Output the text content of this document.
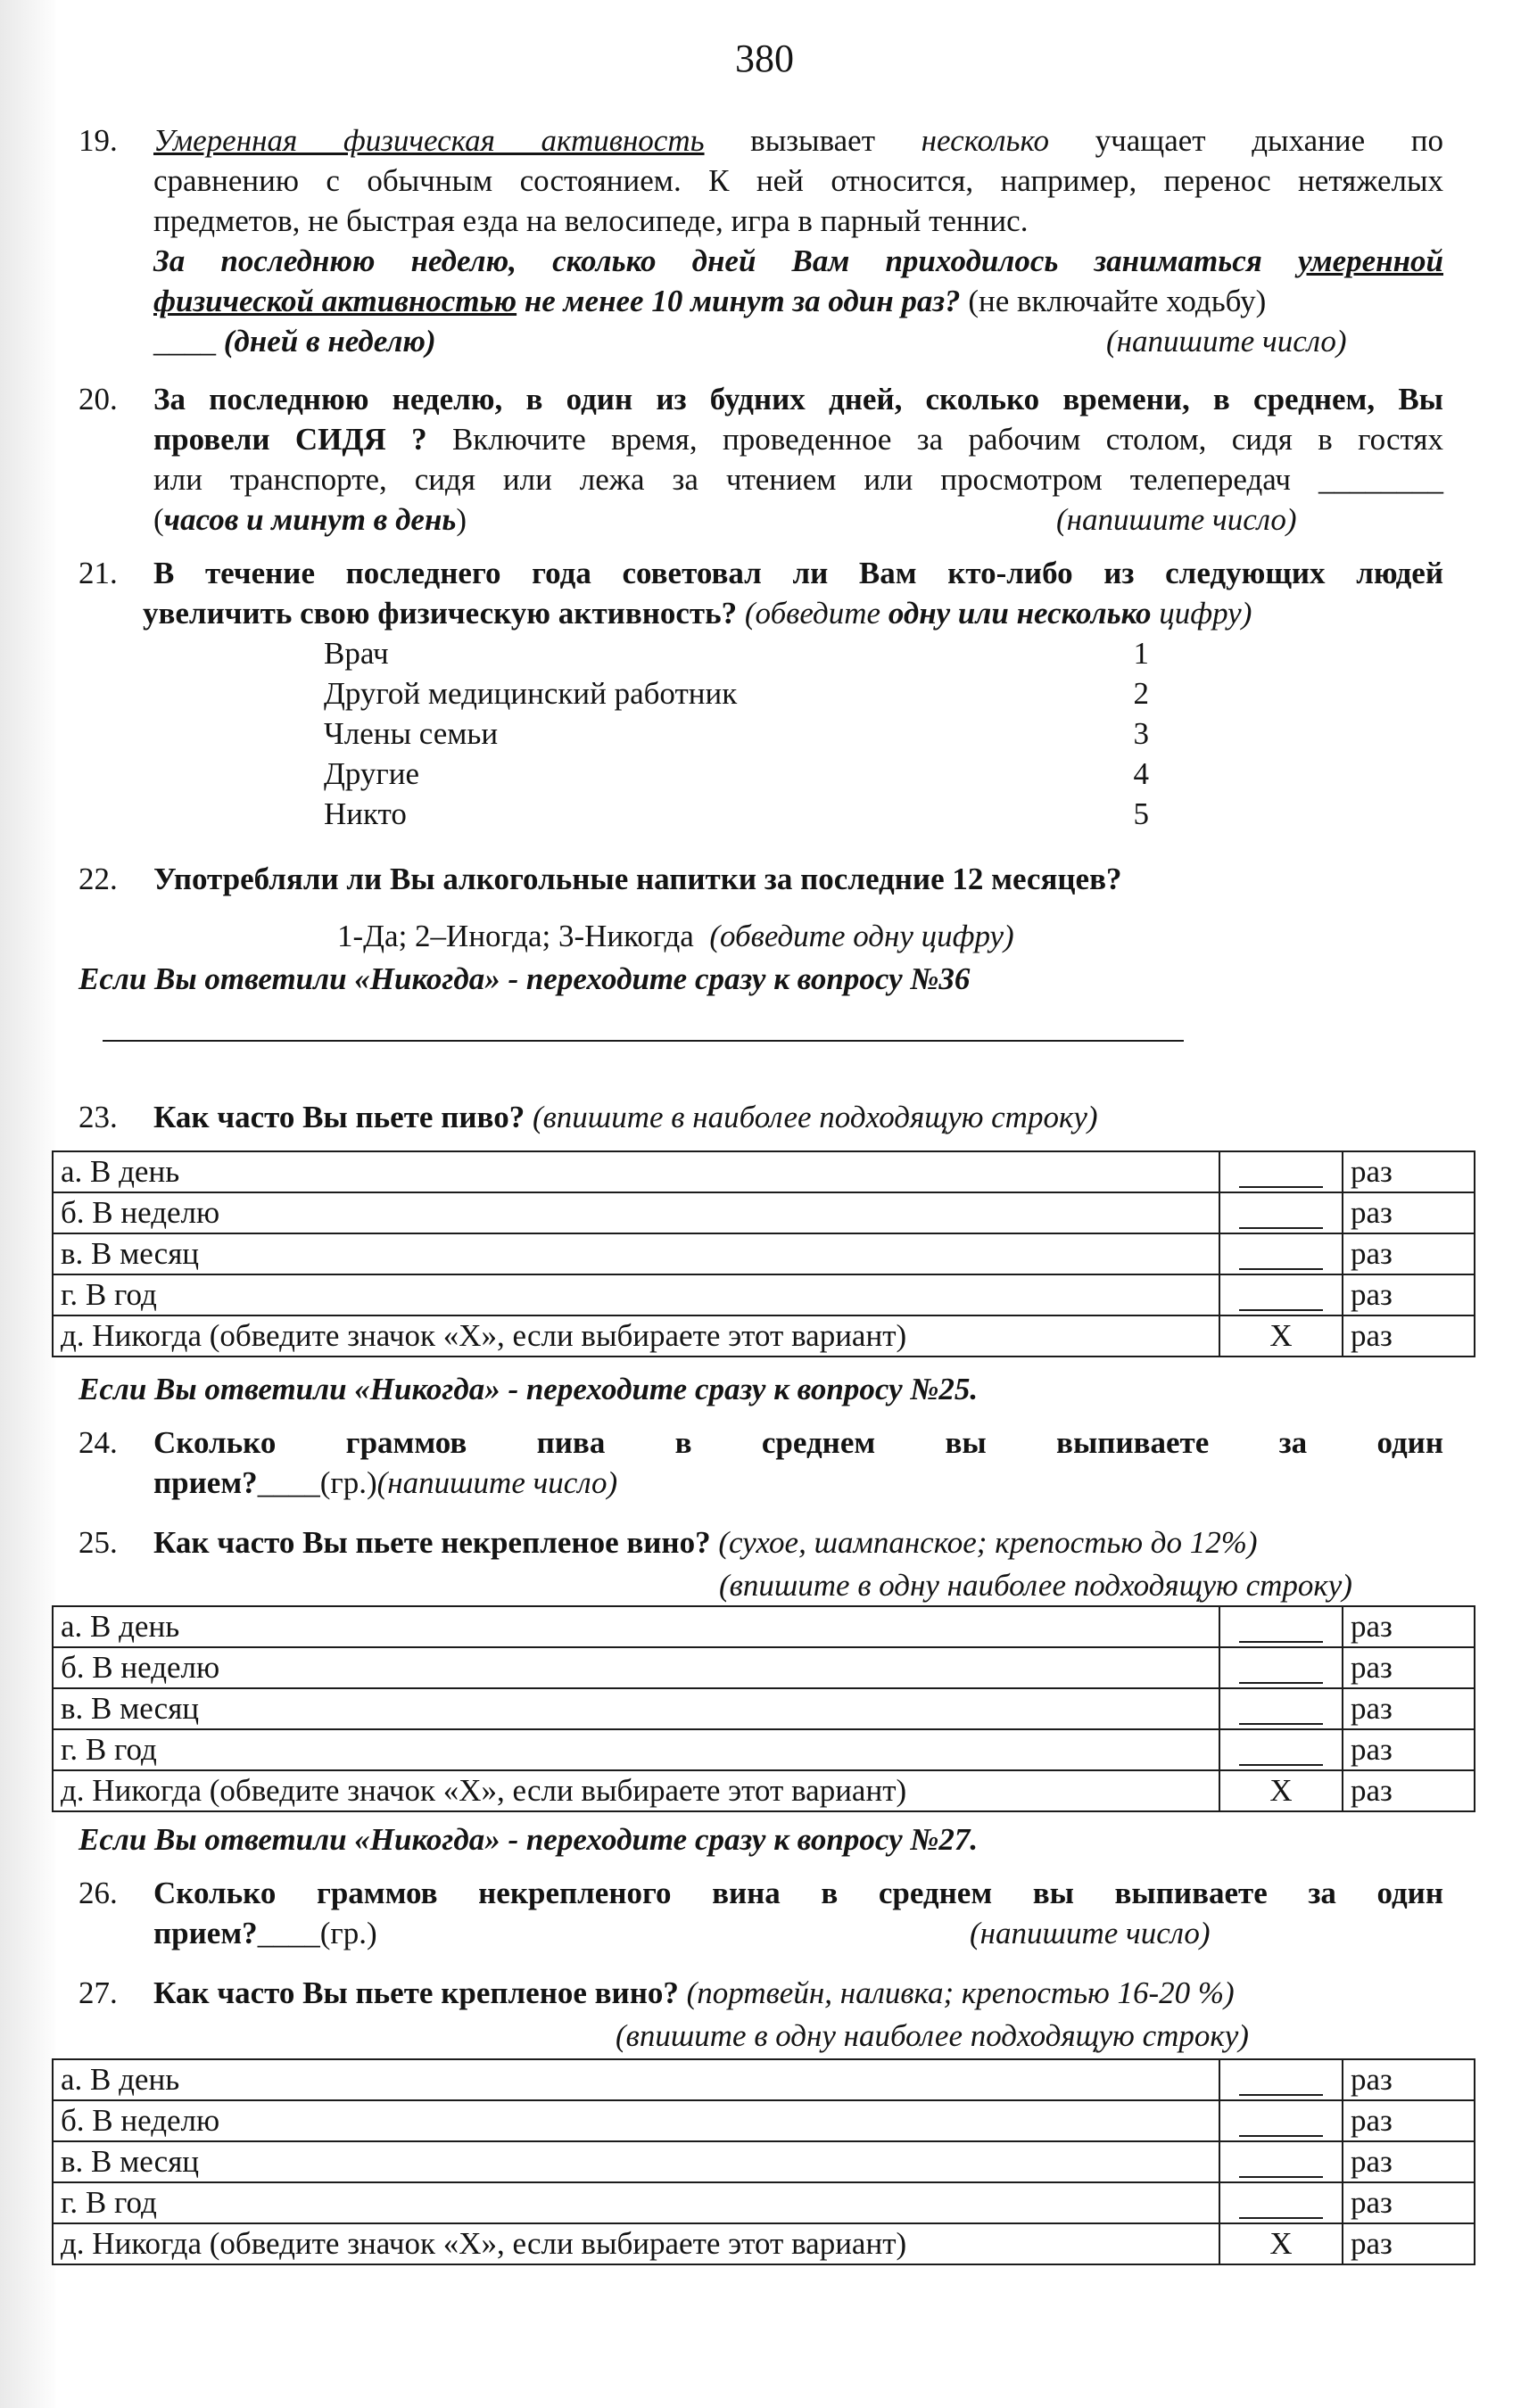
380
19. Умеренная физическая активность вызывает несколько учащает дыхание по
сравнению с обычным состоянием. К ней относится, например, перенос нетяжелых
предметов, не быстрая езда на велосипеде, игра в парный теннис.
За последнюю неделю, сколько дней Вам приходилось заниматься умеренной
физической активностью не менее 10 минут за один раз? (не включайте ходьбу)
____ (дней в неделю)	(напишите число)
20. За последнюю неделю, в один из будних дней, сколько времени, в среднем, Вы
провели СИДЯ ? Включите время, проведенное за рабочим столом, сидя в гостях
или транспорте, сидя или лежа за чтением или просмотром телепередач ________
(часов и минут в день)	(напишите число)
21. В течение последнего года советовал ли Вам кто-либо из следующих людей
увеличить свою физическую активность? (обведите одну или несколько цифру)
Врач	1
Другой медицинский работник	2
Члены семьи	3
Другие	4
Никто	5
22. Употребляли ли Вы алкогольные напитки за последние 12 месяцев?
1-Да; 2–Иногда; 3-Никогда (обведите одну цифру)
Если Вы ответили «Никогда» - переходите сразу к вопросу №36
23. Как часто Вы пьете пиво? (впишите в наиболее подходящую строку)
а. В день		раз
б. В неделю		раз
в. В месяц		раз
г. В год		раз
д. Никогда (обведите значок «Х», если выбираете этот вариант)	Х	раз
Если Вы ответили «Никогда» - переходите сразу к вопросу №25.
24. Сколько граммов пива в среднем вы выпиваете за один
прием?____(гр.)(напишите число)
25. Как часто Вы пьете некрепленое вино? (сухое, шампанское; крепостью до 12%)
(впишите в одну наиболее подходящую строку)
а. В день		раз
б. В неделю		раз
в. В месяц		раз
г. В год		раз
д. Никогда (обведите значок «Х», если выбираете этот вариант)	Х	раз
Если Вы ответили «Никогда» - переходите сразу к вопросу №27.
26. Сколько граммов некрепленого вина в среднем вы выпиваете за один
прием?____(гр.)	(напишите число)
27. Как часто Вы пьете крепленое вино? (портвейн, наливка; крепостью 16-20 %)
(впишите в одну наиболее подходящую строку)
а. В день		раз
б. В неделю		раз
в. В месяц		раз
г. В год		раз
д. Никогда (обведите значок «Х», если выбираете этот вариант)	Х	раз
